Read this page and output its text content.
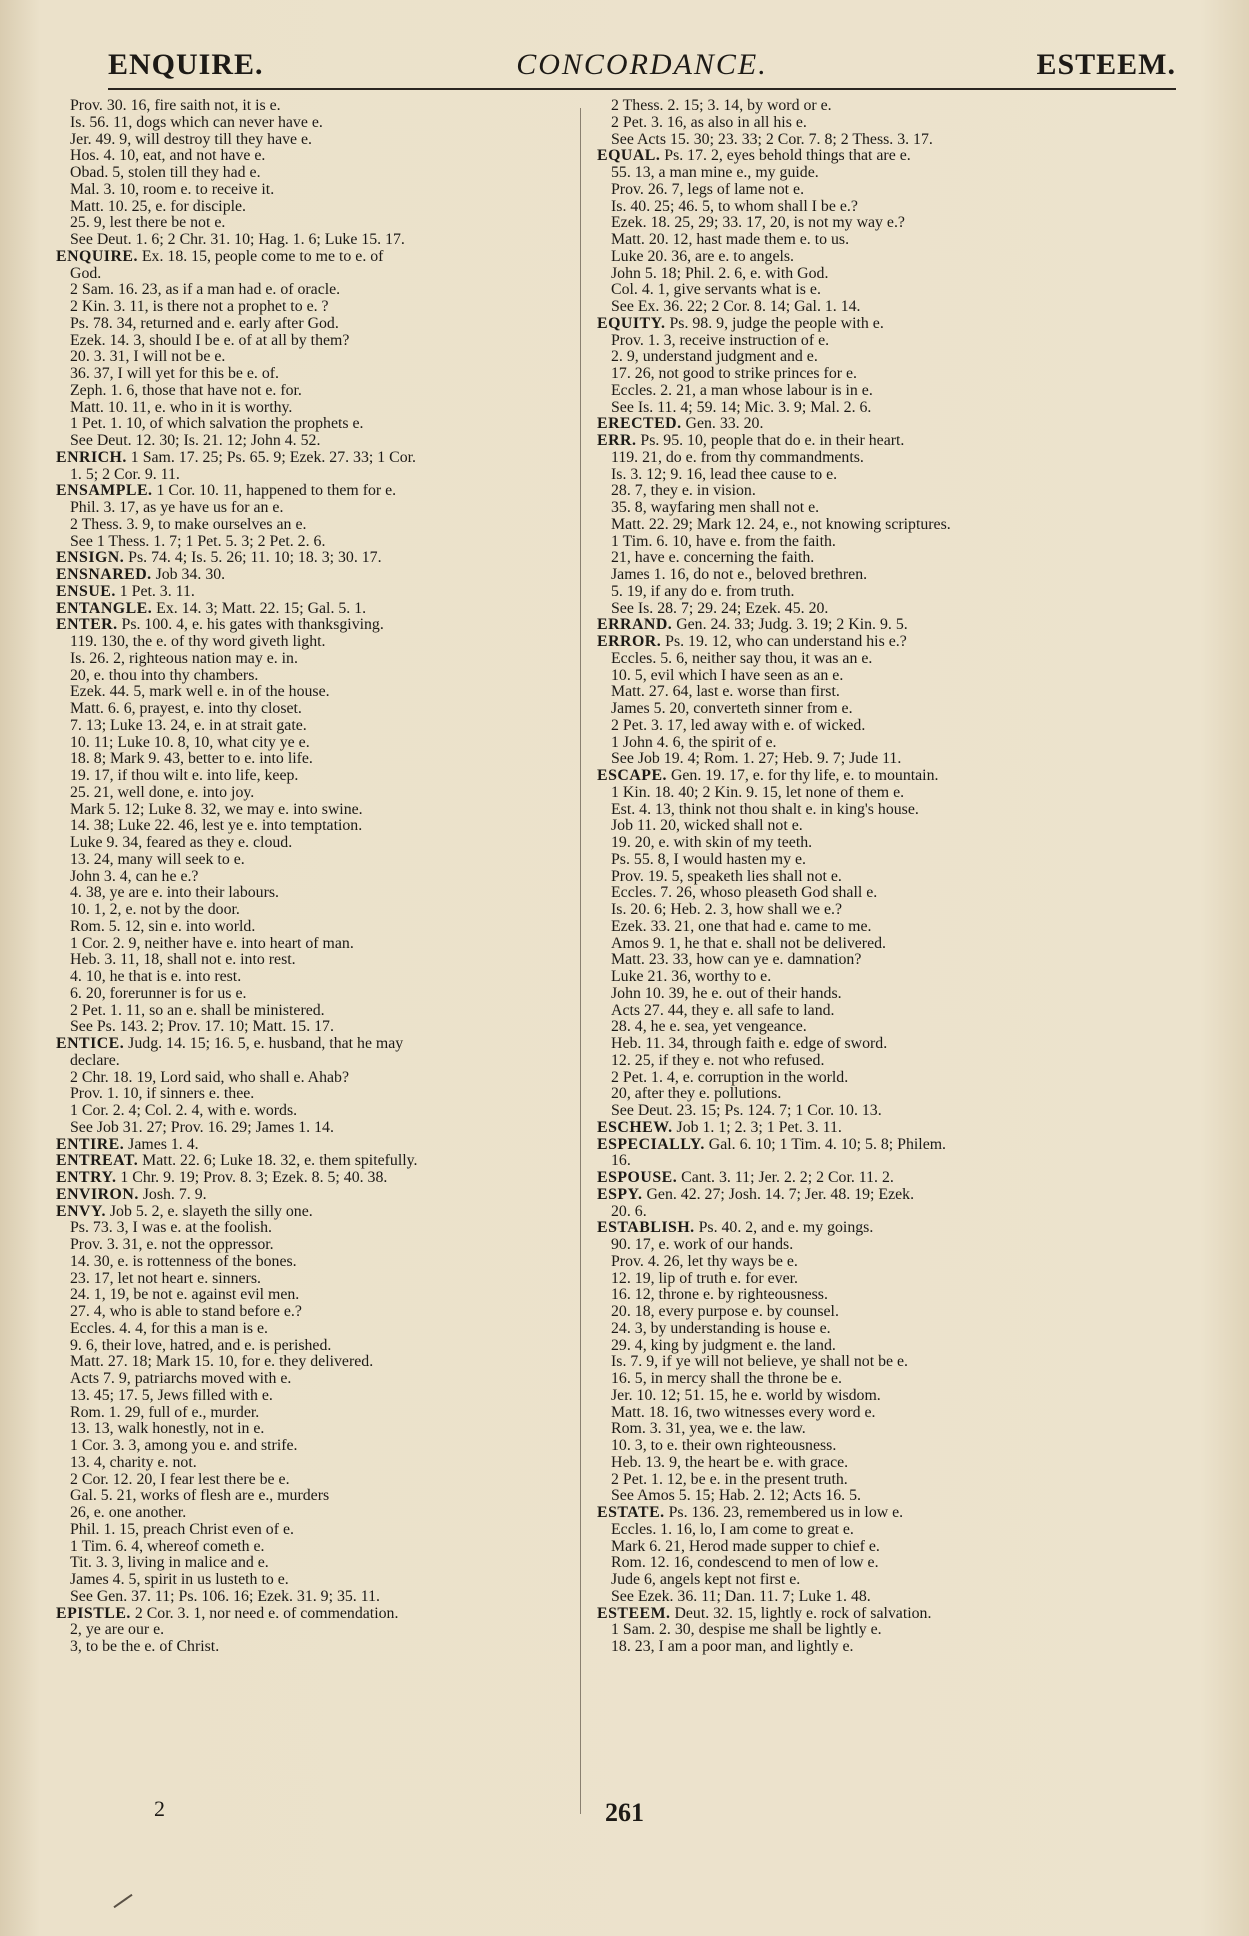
CONCORDANCE.
ENQUIRE.	ESTEEM.
Prov. 30. 16, fire saith not, it is e.
Is. 56. 11, dogs which can never have e.
Jer. 49. 9, will destroy till they have e.
Hos. 4. 10, eat, and not have e.
Obad. 5, stolen till they had e.
Mal. 3. 10, room e. to receive it.
Matt. 10. 25, e. for disciple.
25. 9, lest there be not e.
See Deut. 1. 6; 2 Chr. 31. 10; Hag. 1. 6; Luke 15. 17.
ENQUIRE. Ex. 18. 15, people come to me to e. of
God.
2 Sam. 16. 23, as if a man had e. of oracle.
2 Kin. 3. 11, is there not a prophet to e. ?
Ps. 78. 34, returned and e. early after God.
Ezek. 14. 3, should I be e. of at all by them?
20. 3. 31, I will not be e.
36. 37, I will yet for this be e. of.
Zeph. 1. 6, those that have not e. for.
Matt. 10. 11, e. who in it is worthy.
1 Pet. 1. 10, of which salvation the prophets e.
See Deut. 12. 30; Is. 21. 12; John 4. 52.
ENRICH. 1 Sam. 17. 25; Ps. 65. 9; Ezek. 27. 33; 1 Cor.
1. 5; 2 Cor. 9. 11.
ENSAMPLE. 1 Cor. 10. 11, happened to them for e.
Phil. 3. 17, as ye have us for an e.
2 Thess. 3. 9, to make ourselves an e.
See 1 Thess. 1. 7; 1 Pet. 5. 3; 2 Pet. 2. 6.
ENSIGN. Ps. 74. 4; Is. 5. 26; 11. 10; 18. 3; 30. 17.
ENSNARED. Job 34. 30.
ENSUE. 1 Pet. 3. 11.
ENTANGLE. Ex. 14. 3; Matt. 22. 15; Gal. 5. 1.
ENTER. Ps. 100. 4, e. his gates with thanksgiving.
119. 130, the e. of thy word giveth light.
Is. 26. 2, righteous nation may e. in.
20, e. thou into thy chambers.
Ezek. 44. 5, mark well e. in of the house.
Matt. 6. 6, prayest, e. into thy closet.
7. 13; Luke 13. 24, e. in at strait gate.
10. 11; Luke 10. 8, 10, what city ye e.
18. 8; Mark 9. 43, better to e. into life.
19. 17, if thou wilt e. into life, keep.
25. 21, well done, e. into joy.
Mark 5. 12; Luke 8. 32, we may e. into swine.
14. 38; Luke 22. 46, lest ye e. into temptation.
Luke 9. 34, feared as they e. cloud.
13. 24, many will seek to e.
John 3. 4, can he e.?
4. 38, ye are e. into their labours.
10. 1, 2, e. not by the door.
Rom. 5. 12, sin e. into world.
1 Cor. 2. 9, neither have e. into heart of man.
Heb. 3. 11, 18, shall not e. into rest.
4. 10, he that is e. into rest.
6. 20, forerunner is for us e.
2 Pet. 1. 11, so an e. shall be ministered.
See Ps. 143. 2; Prov. 17. 10; Matt. 15. 17.
ENTICE. Judg. 14. 15; 16. 5, e. husband, that he may
declare.
2 Chr. 18. 19, Lord said, who shall e. Ahab?
Prov. 1. 10, if sinners e. thee.
1 Cor. 2. 4; Col. 2. 4, with e. words.
See Job 31. 27; Prov. 16. 29; James 1. 14.
ENTIRE. James 1. 4.
ENTREAT. Matt. 22. 6; Luke 18. 32, e. them spitefully.
ENTRY. 1 Chr. 9. 19; Prov. 8. 3; Ezek. 8. 5; 40. 38.
ENVIRON. Josh. 7. 9.
ENVY. Job 5. 2, e. slayeth the silly one.
Ps. 73. 3, I was e. at the foolish.
Prov. 3. 31, e. not the oppressor.
14. 30, e. is rottenness of the bones.
23. 17, let not heart e. sinners.
24. 1, 19, be not e. against evil men.
27. 4, who is able to stand before e.?
Eccles. 4. 4, for this a man is e.
9. 6, their love, hatred, and e. is perished.
Matt. 27. 18; Mark 15. 10, for e. they delivered.
Acts 7. 9, patriarchs moved with e.
13. 45; 17. 5, Jews filled with e.
Rom. 1. 29, full of e., murder.
13. 13, walk honestly, not in e.
1 Cor. 3. 3, among you e. and strife.
13. 4, charity e. not.
2 Cor. 12. 20, I fear lest there be e.
Gal. 5. 21, works of flesh are e., murders
26, e. one another.
Phil. 1. 15, preach Christ even of e.
1 Tim. 6. 4, whereof cometh e.
Tit. 3. 3, living in malice and e.
James 4. 5, spirit in us lusteth to e.
See Gen. 37. 11; Ps. 106. 16; Ezek. 31. 9; 35. 11.
EPISTLE. 2 Cor. 3. 1, nor need e. of commendation.
2, ye are our e.
3, to be the e. of Christ.
2 Thess. 2. 15; 3. 14, by word or e.
2 Pet. 3. 16, as also in all his e.
See Acts 15. 30; 23. 33; 2 Cor. 7. 8; 2 Thess. 3. 17.
EQUAL. Ps. 17. 2, eyes behold things that are e.
55. 13, a man mine e., my guide.
Prov. 26. 7, legs of lame not e.
Is. 40. 25; 46. 5, to whom shall I be e.?
Ezek. 18. 25, 29; 33. 17, 20, is not my way e.?
Matt. 20. 12, hast made them e. to us.
Luke 20. 36, are e. to angels.
John 5. 18; Phil. 2. 6, e. with God.
Col. 4. 1, give servants what is e.
See Ex. 36. 22; 2 Cor. 8. 14; Gal. 1. 14.
EQUITY. Ps. 98. 9, judge the people with e.
Prov. 1. 3, receive instruction of e.
2. 9, understand judgment and e.
17. 26, not good to strike princes for e.
Eccles. 2. 21, a man whose labour is in e.
See Is. 11. 4; 59. 14; Mic. 3. 9; Mal. 2. 6.
ERECTED. Gen. 33. 20.
ERR. Ps. 95. 10, people that do e. in their heart.
119. 21, do e. from thy commandments.
Is. 3. 12; 9. 16, lead thee cause to e.
28. 7, they e. in vision.
35. 8, wayfaring men shall not e.
Matt. 22. 29; Mark 12. 24, e., not knowing scriptures.
1 Tim. 6. 10, have e. from the faith.
21, have e. concerning the faith.
James 1. 16, do not e., beloved brethren.
5. 19, if any do e. from truth.
See Is. 28. 7; 29. 24; Ezek. 45. 20.
ERRAND. Gen. 24. 33; Judg. 3. 19; 2 Kin. 9. 5.
ERROR. Ps. 19. 12, who can understand his e.?
Eccles. 5. 6, neither say thou, it was an e.
10. 5, evil which I have seen as an e.
Matt. 27. 64, last e. worse than first.
James 5. 20, converteth sinner from e.
2 Pet. 3. 17, led away with e. of wicked.
1 John 4. 6, the spirit of e.
See Job 19. 4; Rom. 1. 27; Heb. 9. 7; Jude 11.
ESCAPE. Gen. 19. 17, e. for thy life, e. to mountain.
1 Kin. 18. 40; 2 Kin. 9. 15, let none of them e.
Est. 4. 13, think not thou shalt e. in king's house.
Job 11. 20, wicked shall not e.
19. 20, e. with skin of my teeth.
Ps. 55. 8, I would hasten my e.
Prov. 19. 5, speaketh lies shall not e.
Eccles. 7. 26, whoso pleaseth God shall e.
Is. 20. 6; Heb. 2. 3, how shall we e.?
Ezek. 33. 21, one that had e. came to me.
Amos 9. 1, he that e. shall not be delivered.
Matt. 23. 33, how can ye e. damnation?
Luke 21. 36, worthy to e.
John 10. 39, he e. out of their hands.
Acts 27. 44, they e. all safe to land.
28. 4, he e. sea, yet vengeance.
Heb. 11. 34, through faith e. edge of sword.
12. 25, if they e. not who refused.
2 Pet. 1. 4, e. corruption in the world.
20, after they e. pollutions.
See Deut. 23. 15; Ps. 124. 7; 1 Cor. 10. 13.
ESCHEW. Job 1. 1; 2. 3; 1 Pet. 3. 11.
ESPECIALLY. Gal. 6. 10; 1 Tim. 4. 10; 5. 8; Philem.
16.
ESPOUSE. Cant. 3. 11; Jer. 2. 2; 2 Cor. 11. 2.
ESPY. Gen. 42. 27; Josh. 14. 7; Jer. 48. 19; Ezek.
20. 6.
ESTABLISH. Ps. 40. 2, and e. my goings.
90. 17, e. work of our hands.
Prov. 4. 26, let thy ways be e.
12. 19, lip of truth e. for ever.
16. 12, throne e. by righteousness.
20. 18, every purpose e. by counsel.
24. 3, by understanding is house e.
29. 4, king by judgment e. the land.
Is. 7. 9, if ye will not believe, ye shall not be e.
16. 5, in mercy shall the throne be e.
Jer. 10. 12; 51. 15, he e. world by wisdom.
Matt. 18. 16, two witnesses every word e.
Rom. 3. 31, yea, we e. the law.
10. 3, to e. their own righteousness.
Heb. 13. 9, the heart be e. with grace.
2 Pet. 1. 12, be e. in the present truth.
See Amos 5. 15; Hab. 2. 12; Acts 16. 5.
ESTATE. Ps. 136. 23, remembered us in low e.
Eccles. 1. 16, lo, I am come to great e.
Mark 6. 21, Herod made supper to chief e.
Rom. 12. 16, condescend to men of low e.
Jude 6, angels kept not first e.
See Ezek. 36. 11; Dan. 11. 7; Luke 1. 48.
ESTEEM. Deut. 32. 15, lightly e. rock of salvation.
1 Sam. 2. 30, despise me shall be lightly e.
18. 23, I am a poor man, and lightly e.
2	261
